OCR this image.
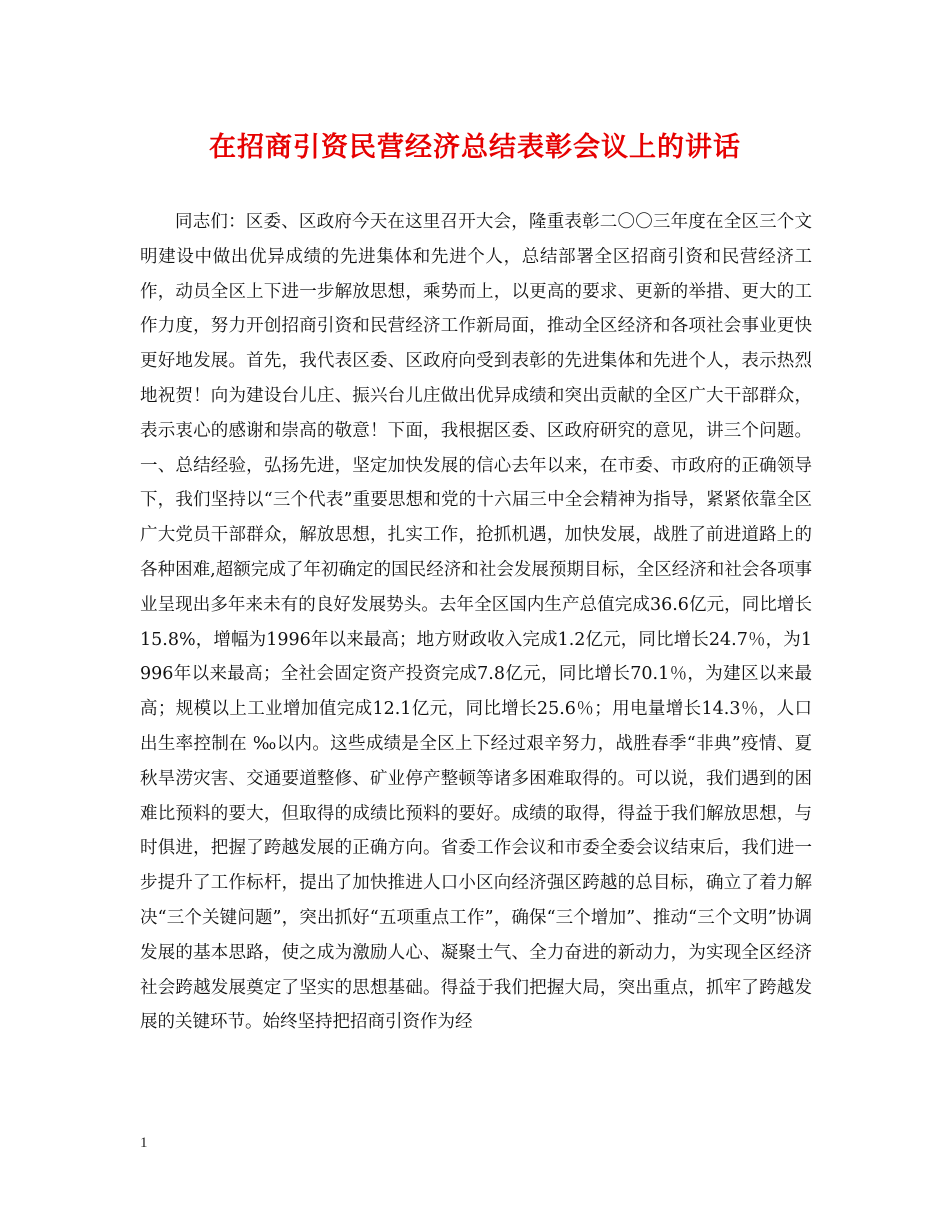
在招商引资民营经济总结表彰会议上的讲话

同志们：区委、区政府今天在这里召开大会，隆重表彰二〇〇三年度在全区三个文明建设中做出优异成绩的先进集体和先进个人，总结部署全区招商引资和民营经济工作，动员全区上下进一步解放思想，乘势而上，以更高的要求、更新的举措、更大的工作力度，努力开创招商引资和民营经济工作新局面，推动全区经济和各项社会事业更快更好地发展。首先，我代表区委、区政府向受到表彰的先进集体和先进个人，表示热烈地祝贺！向为建设台儿庄、振兴台儿庄做出优异成绩和突出贡献的全区广大干部群众，表示衷心的感谢和崇高的敬意！下面，我根据区委、区政府研究的意见，讲三个问题。一、总结经验，弘扬先进，坚定加快发展的信心去年以来，在市委、市政府的正确领导下，我们坚持以“三个代表”重要思想和党的十六届三中全会精神为指导，紧紧依靠全区广大党员干部群众，解放思想，扎实工作，抢抓机遇，加快发展，战胜了前进道路上的各种困难,超额完成了年初确定的国民经济和社会发展预期目标，全区经济和社会各项事业呈现出多年来未有的良好发展势头。去年全区国内生产总值完成36.6亿元，同比增长15.8%，增幅为1996年以来最高；地方财政收入完成1.2亿元，同比增长24.7％，为1996年以来最高；全社会固定资产投资完成7.8亿元，同比增长70.1％，为建区以来最高；规模以上工业增加值完成12.1亿元，同比增长25.6％；用电量增长14.3％，人口出生率控制在 ‰以内。这些成绩是全区上下经过艰辛努力，战胜春季“非典”疫情、夏秋旱涝灾害、交通要道整修、矿业停产整顿等诸多困难取得的。可以说，我们遇到的困难比预料的要大，但取得的成绩比预料的要好。成绩的取得，得益于我们解放思想，与时俱进，把握了跨越发展的正确方向。省委工作会议和市委全委会议结束后，我们进一步提升了工作标杆，提出了加快推进人口小区向经济强区跨越的总目标，确立了着力解决“三个关键问题”，突出抓好“五项重点工作”，确保“三个增加”、推动“三个文明”协调发展的基本思路，使之成为激励人心、凝聚士气、全力奋进的新动力，为实现全区经济社会跨越发展奠定了坚实的思想基础。得益于我们把握大局，突出重点，抓牢了跨越发展的关键环节。始终坚持把招商引资作为经

1
